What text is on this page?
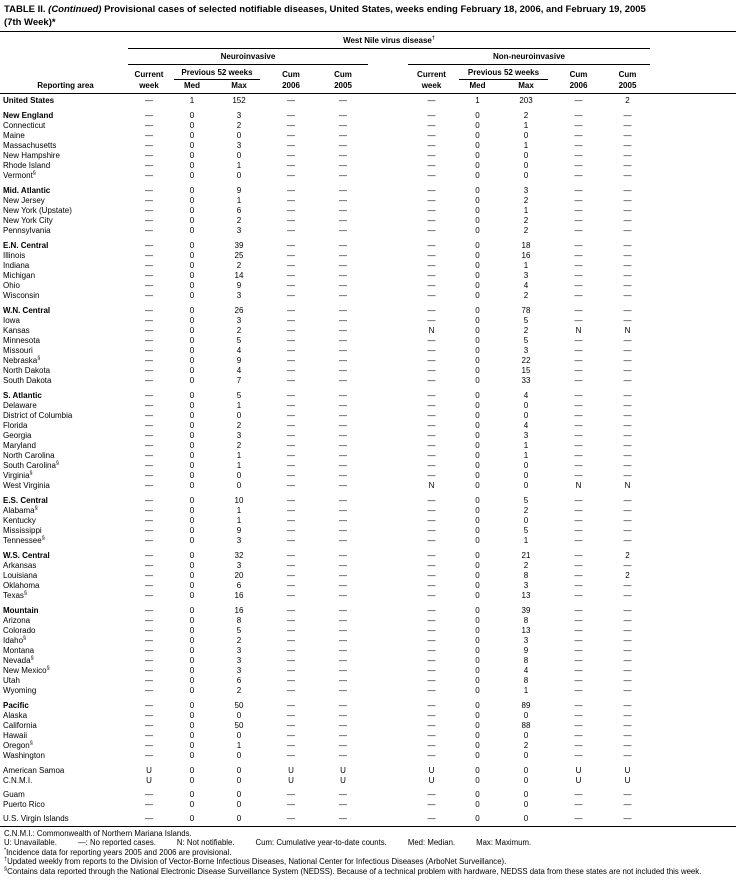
TABLE II. (Continued) Provisional cases of selected notifiable diseases, United States, weeks ending February 18, 2006, and February 19, 2005
(7th Week)*
West Nile virus disease†
Neuroinvasive	Non-neuroinvasive
Current	Previous 52 weeks	Cum	Cum	Current	Previous 52 weeks	Cum	Cum
Reporting area	week	Med	Max	2006	2005	week	Med	Max	2006	2005
United States	—	1	152	—	—	—	1	203	—	2
New England	—	0	3	—	—	—	0	2	—	—
Connecticut	—	0	2	—	—	—	0	1	—	—
Maine	—	0	0	—	—	—	0	0	—	—
Massachusetts	—	0	3	—	—	—	0	1	—	—
New Hampshire	—	0	0	—	—	—	0	0	—	—
Rhode Island	—	0	1	—	—	—	0	0	—	—
Vermont§	—	0	0	—	—	—	0	0	—	—
Mid. Atlantic	—	0	9	—	—	—	0	3	—	—
New Jersey	—	0	1	—	—	—	0	2	—	—
New York (Upstate)	—	0	6	—	—	—	0	1	—	—
New York City	—	0	2	—	—	—	0	2	—	—
Pennsylvania	—	0	3	—	—	—	0	2	—	—
E.N. Central	—	0	39	—	—	—	0	18	—	—
Illinois	—	0	25	—	—	—	0	16	—	—
Indiana	—	0	2	—	—	—	0	1	—	—
Michigan	—	0	14	—	—	—	0	3	—	—
Ohio	—	0	9	—	—	—	0	4	—	—
Wisconsin	—	0	3	—	—	—	0	2	—	—
W.N. Central	—	0	26	—	—	—	0	78	—	—
Iowa	—	0	3	—	—	—	0	5	—	—
Kansas	—	0	2	—	—	N	0	2	N	N
Minnesota	—	0	5	—	—	—	0	5	—	—
Missouri	—	0	4	—	—	—	0	3	—	—
Nebraska§	—	0	9	—	—	—	0	22	—	—
North Dakota	—	0	4	—	—	—	0	15	—	—
South Dakota	—	0	7	—	—	—	0	33	—	—
S. Atlantic	—	0	5	—	—	—	0	4	—	—
Delaware	—	0	1	—	—	—	0	0	—	—
District of Columbia	—	0	0	—	—	—	0	0	—	—
Florida	—	0	2	—	—	—	0	4	—	—
Georgia	—	0	3	—	—	—	0	3	—	—
Maryland	—	0	2	—	—	—	0	1	—	—
North Carolina	—	0	1	—	—	—	0	1	—	—
South Carolina§	—	0	1	—	—	—	0	0	—	—
Virginia§	—	0	0	—	—	—	0	0	—	—
West Virginia	—	0	0	—	—	N	0	0	N	N
E.S. Central	—	0	10	—	—	—	0	5	—	—
Alabama§	—	0	1	—	—	—	0	2	—	—
Kentucky	—	0	1	—	—	—	0	0	—	—
Mississippi	—	0	9	—	—	—	0	5	—	—
Tennessee§	—	0	3	—	—	—	0	1	—	—
W.S. Central	—	0	32	—	—	—	0	21	—	2
Arkansas	—	0	3	—	—	—	0	2	—	—
Louisiana	—	0	20	—	—	—	0	8	—	2
Oklahoma	—	0	6	—	—	—	0	3	—	—
Texas§	—	0	16	—	—	—	0	13	—	—
Mountain	—	0	16	—	—	—	0	39	—	—
Arizona	—	0	8	—	—	—	0	8	—	—
Colorado	—	0	5	—	—	—	0	13	—	—
Idaho§	—	0	2	—	—	—	0	3	—	—
Montana	—	0	3	—	—	—	0	9	—	—
Nevada§	—	0	3	—	—	—	0	8	—	—
New Mexico§	—	0	3	—	—	—	0	4	—	—
Utah	—	0	6	—	—	—	0	8	—	—
Wyoming	—	0	2	—	—	—	0	1	—	—
Pacific	—	0	50	—	—	—	0	89	—	—
Alaska	—	0	0	—	—	—	0	0	—	—
California	—	0	50	—	—	—	0	88	—	—
Hawaii	—	0	0	—	—	—	0	0	—	—
Oregon§	—	0	1	—	—	—	0	2	—	—
Washington	—	0	0	—	—	—	0	0	—	—
American Samoa	U	0	0	U	U	U	0	0	U	U
C.N.M.I.	U	0	0	U	U	U	0	0	U	U
Guam	—	0	0	—	—	—	0	0	—	—
Puerto Rico	—	0	0	—	—	—	0	0	—	—
U.S. Virgin Islands	—	0	0	—	—	—	0	0	—	—
C.N.M.I.: Commonwealth of Northern Mariana Islands.
U: Unavailable.	—: No reported cases.	N: Not notifiable.	Cum: Cumulative year-to-date counts.	Med: Median.	Max: Maximum.
*Incidence data for reporting years 2005 and 2006 are provisional.
†Updated weekly from reports to the Division of Vector-Borne Infectious Diseases, National Center for Infectious Diseases (ArboNet Surveillance).
§Contains data reported through the National Electronic Disease Surveillance System (NEDSS). Because of a technical problem with hardware, NEDSS data from these states are not included this week.
